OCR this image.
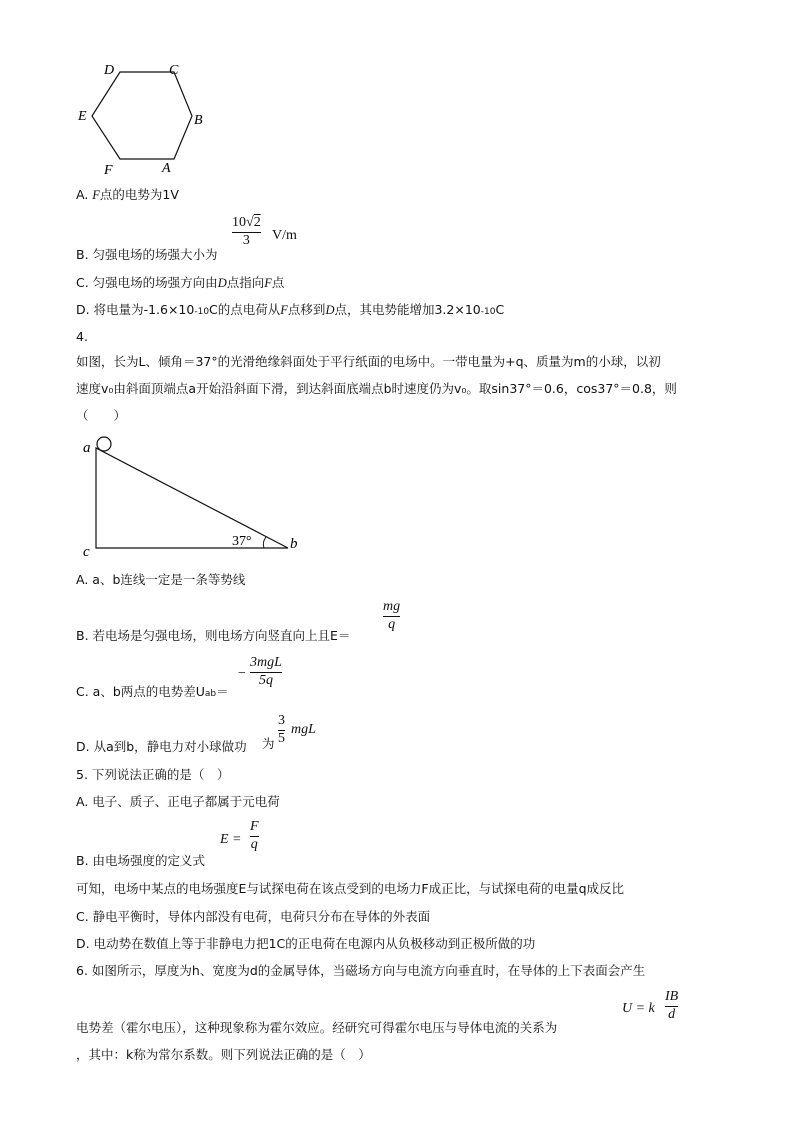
D	C
E	B
F	A
A. F点的电势为1V
B. 匀强电场的场强大小为
10√2
3 V/m
C. 匀强电场的场强方向由D点指向F点
D. 将电量为-1.6×10-10C的点电荷从F点移到D点，其电势能增加3.2×10-10C
4.
如图，长为L、倾角＝37°的光滑绝缘斜面处于平行纸面的电场中。一带电量为+q、质量为m的小球，以初
速度v₀由斜面顶端点a开始沿斜面下滑，到达斜面底端点b时速度仍为v₀。取sin37°＝0.6，cos37°＝0.8，则
（　　）
a
c	b
37°
A. a、b连线一定是一条等势线
B. 若电场是匀强电场，则电场方向竖直向上且E＝
mg
q
C. a、b两点的电势差Uab＝
−
3mgL
5q
D. 从a到b，静电力对小球做功 为
3
5
mgL
5. 下列说法正确的是（　）
A. 电子、质子、正电子都属于元电荷
B. 由电场强度的定义式
E =
F
q
可知，电场中某点的电场强度E与试探电荷在该点受到的电场力F成正比，与试探电荷的电量q成反比
C. 静电平衡时，导体内部没有电荷，电荷只分布在导体的外表面
D. 电动势在数值上等于非静电力把1C的正电荷在电源内从负极移动到正极所做的功
6. 如图所示，厚度为h、宽度为d的金属导体，当磁场方向与电流方向垂直时，在导体的上下表面会产生
电势差（霍尔电压），这种现象称为霍尔效应。经研究可得霍尔电压与导体电流的关系为
U = k
IB
d
，其中：k称为常尔系数。则下列说法正确的是（　）
